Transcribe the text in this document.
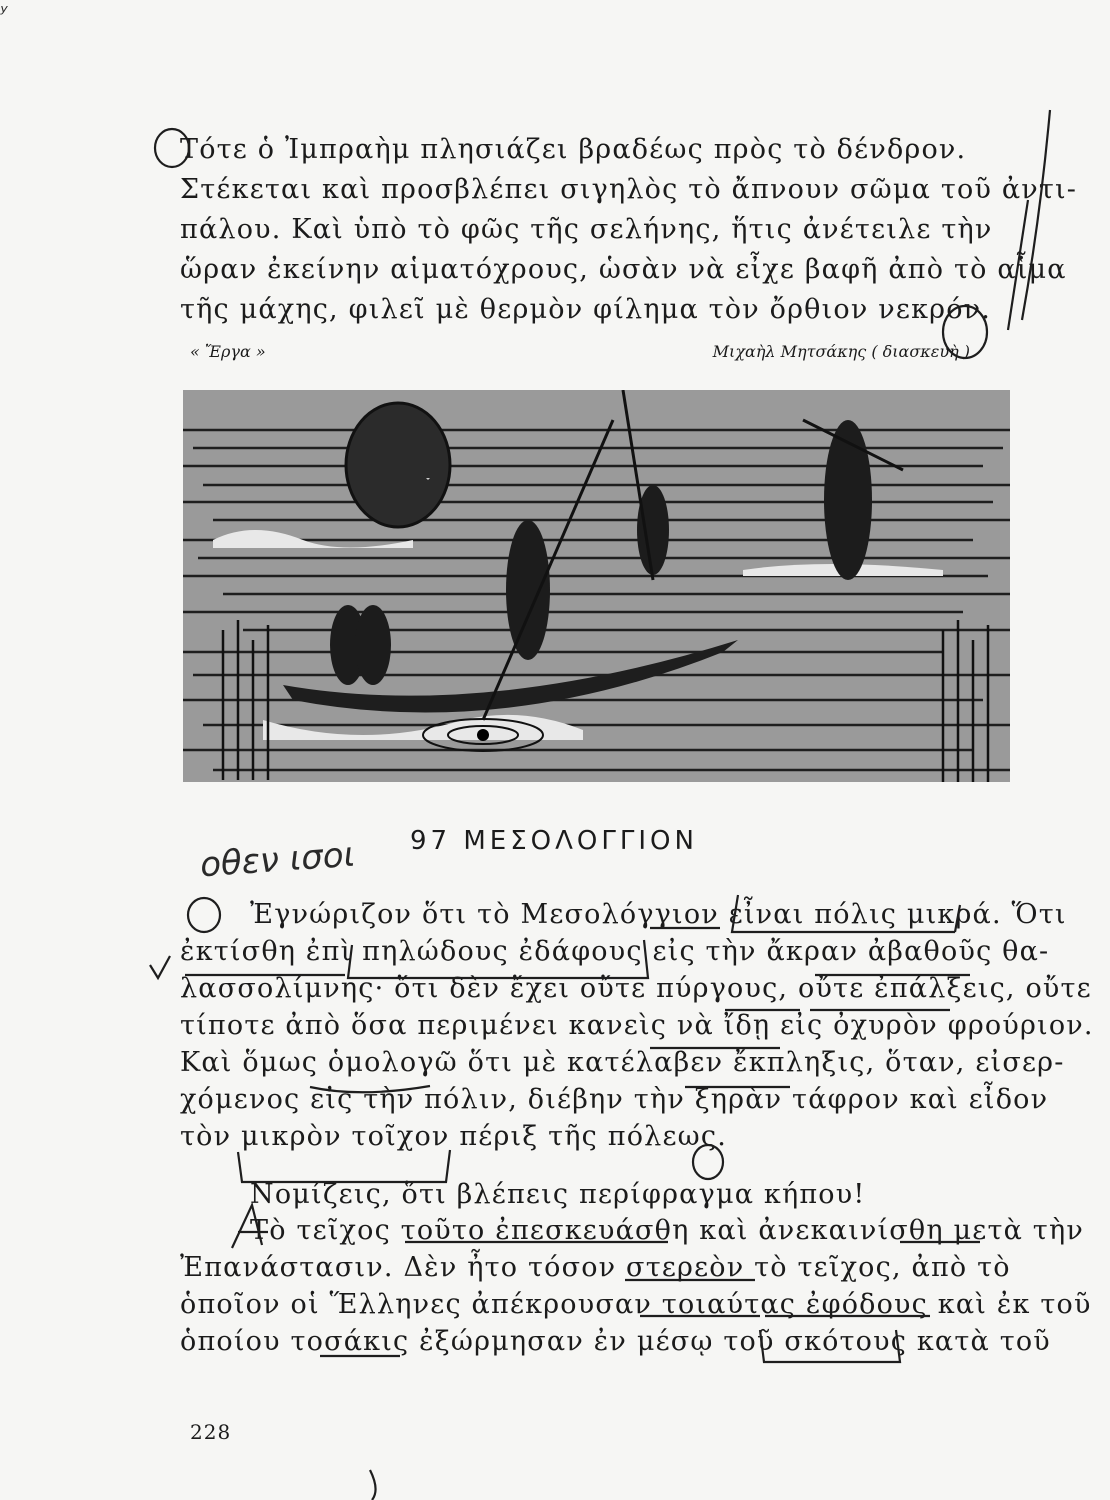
ʸ
Τότε ὁ Ἰμπραὴμ πλησιάζει βραδέως πρὸς τὸ δένδρον.
Στέκεται καὶ προσβλέπει σιγηλὸς τὸ ἄπνουν σῶμα τοῦ ἀντι-
πάλου. Καὶ ὑπὸ τὸ φῶς τῆς σελήνης, ἥτις ἀνέτειλε τὴν
ὥραν ἐκείνην αἱματόχρους, ὡσὰν νὰ εἶχε βαφῆ ἀπὸ τὸ αἷμα
τῆς μάχης, φιλεῖ μὲ θερμὸν φίλημα τὸν ὄρθιον νεκρόν.
« Ἔργα »	Μιχαὴλ Μητσάκης ( διασκευὴ )
97 ΜΕΣΟΛΟΓΓΙΟΝ
οθεν ισοι
Ἐγνώριζον ὅτι τὸ Μεσολόγγιον εἶναι πόλις μικρά. Ὅτι
ἐκτίσθη ἐπὶ πηλώδους ἐδάφους εἰς τὴν ἄκραν ἀβαθοῦς θα-
λασσολίμνης· ὅτι δὲν ἔχει οὔτε πύργους, οὔτε ἐπάλξεις, οὔτε
τίποτε ἀπὸ ὅσα περιμένει κανεὶς νὰ ἴδῃ εἰς ὀχυρὸν φρούριον.
Καὶ ὅμως ὁμολογῶ ὅτι μὲ κατέλαβεν ἔκπληξις, ὅταν, εἰσερ-
χόμενος εἰς τὴν πόλιν, διέβην τὴν ξηρὰν τάφρον καὶ εἶδον
τὸν μικρὸν τοῖχον πέριξ τῆς πόλεως.
Νομίζεις, ὅτι βλέπεις περίφραγμα κήπου!
Τὸ τεῖχος τοῦτο ἐπεσκευάσθη καὶ ἀνεκαινίσθη μετὰ τὴν
Ἐπανάστασιν. Δὲν ἦτο τόσον στερεὸν τὸ τεῖχος, ἀπὸ τὸ
ὁποῖον οἱ Ἕλληνες ἀπέκρουσαν τοιαύτας ἐφόδους καὶ ἐκ τοῦ
ὁποίου τοσάκις ἐξώρμησαν ἐν μέσῳ τοῦ σκότους κατὰ τοῦ
228
